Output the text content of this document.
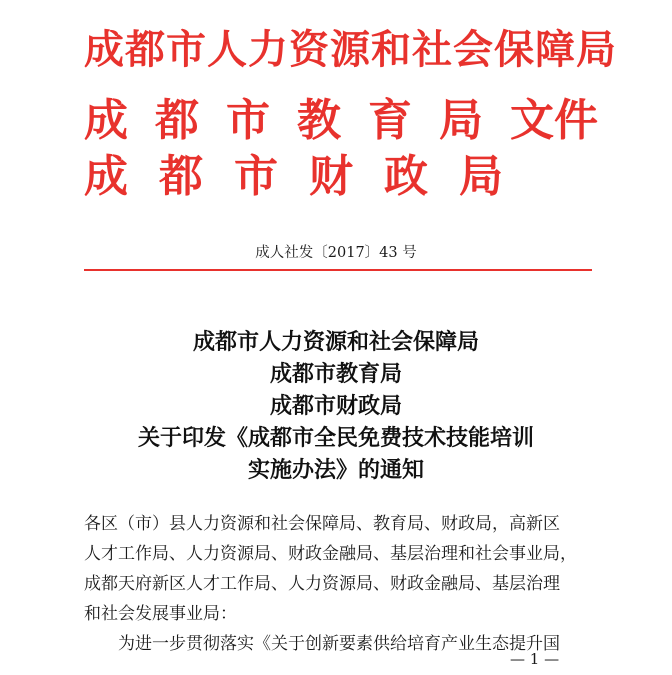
成都市人力资源和社会保障局
成都市教育局文件
成都市财政局
成人社发〔2017〕43 号
成都市人力资源和社会保障局
成都市教育局
成都市财政局
关于印发《成都市全民免费技术技能培训
实施办法》的通知
各区（市）县人力资源和社会保障局、教育局、财政局，高新区
人才工作局、人力资源局、财政金融局、基层治理和社会事业局，
成都天府新区人才工作局、人力资源局、财政金融局、基层治理
和社会发展事业局：
为进一步贯彻落实《关于创新要素供给培育产业生态提升国
— 1 —
